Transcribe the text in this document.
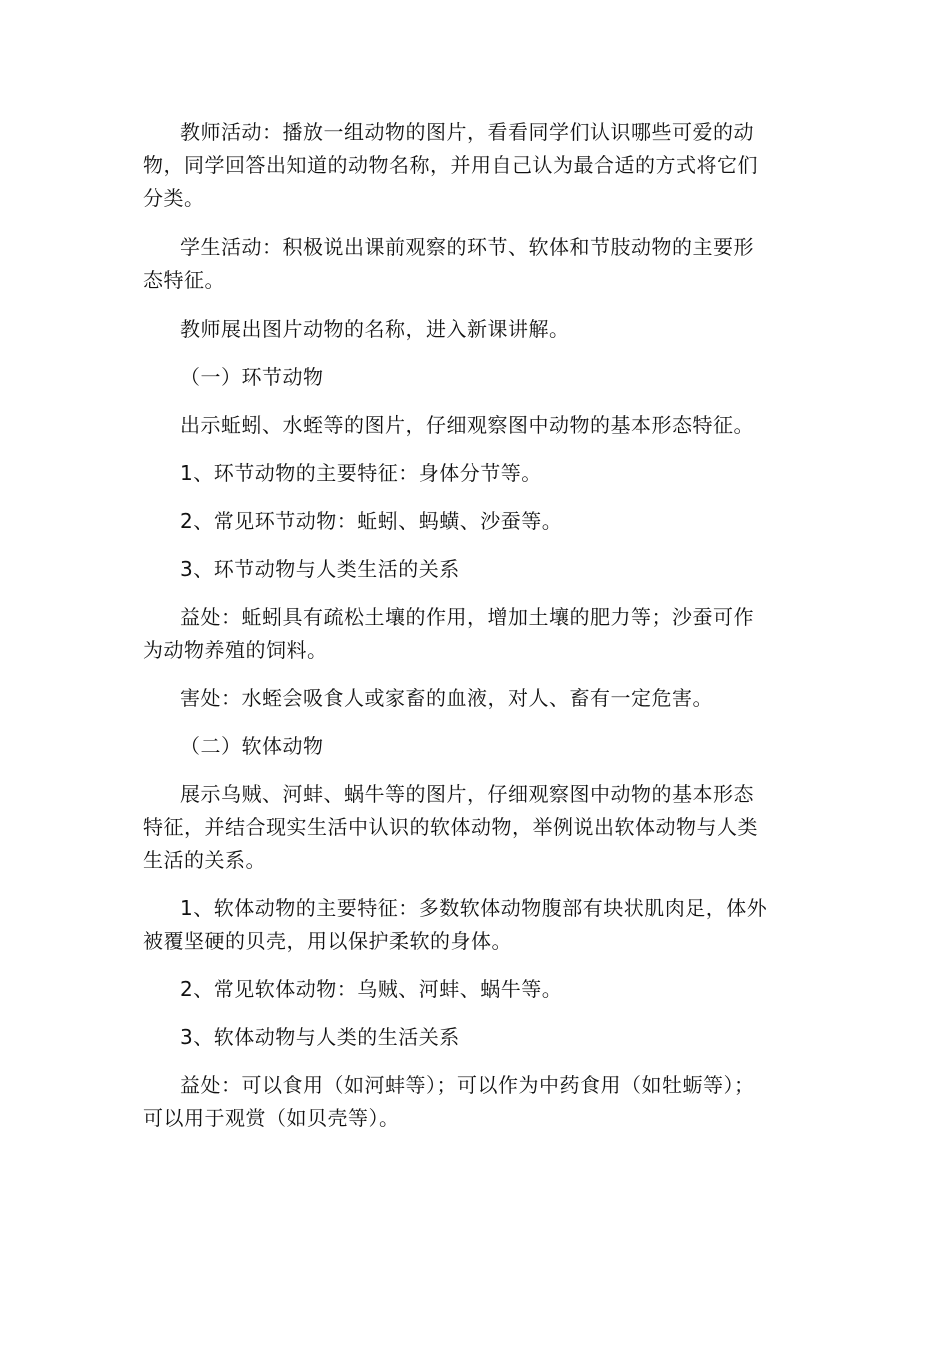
教师活动：播放一组动物的图片，看看同学们认识哪些可爱的动物，同学回答出知道的动物名称，并用自己认为最合适的方式将它们分类。

学生活动：积极说出课前观察的环节、软体和节肢动物的主要形态特征。

教师展出图片动物的名称，进入新课讲解。

（一）环节动物

出示蚯蚓、水蛭等的图片，仔细观察图中动物的基本形态特征。

1、环节动物的主要特征：身体分节等。

2、常见环节动物：蚯蚓、蚂蟥、沙蚕等。

3、环节动物与人类生活的关系

益处：蚯蚓具有疏松土壤的作用，增加土壤的肥力等；沙蚕可作为动物养殖的饲料。

害处：水蛭会吸食人或家畜的血液，对人、畜有一定危害。

（二）软体动物

展示乌贼、河蚌、蜗牛等的图片，仔细观察图中动物的基本形态特征，并结合现实生活中认识的软体动物，举例说出软体动物与人类生活的关系。

1、软体动物的主要特征：多数软体动物腹部有块状肌肉足，体外被覆坚硬的贝壳，用以保护柔软的身体。

2、常见软体动物：乌贼、河蚌、蜗牛等。

3、软体动物与人类的生活关系

益处：可以食用（如河蚌等）；可以作为中药食用（如牡蛎等）；可以用于观赏（如贝壳等）。
